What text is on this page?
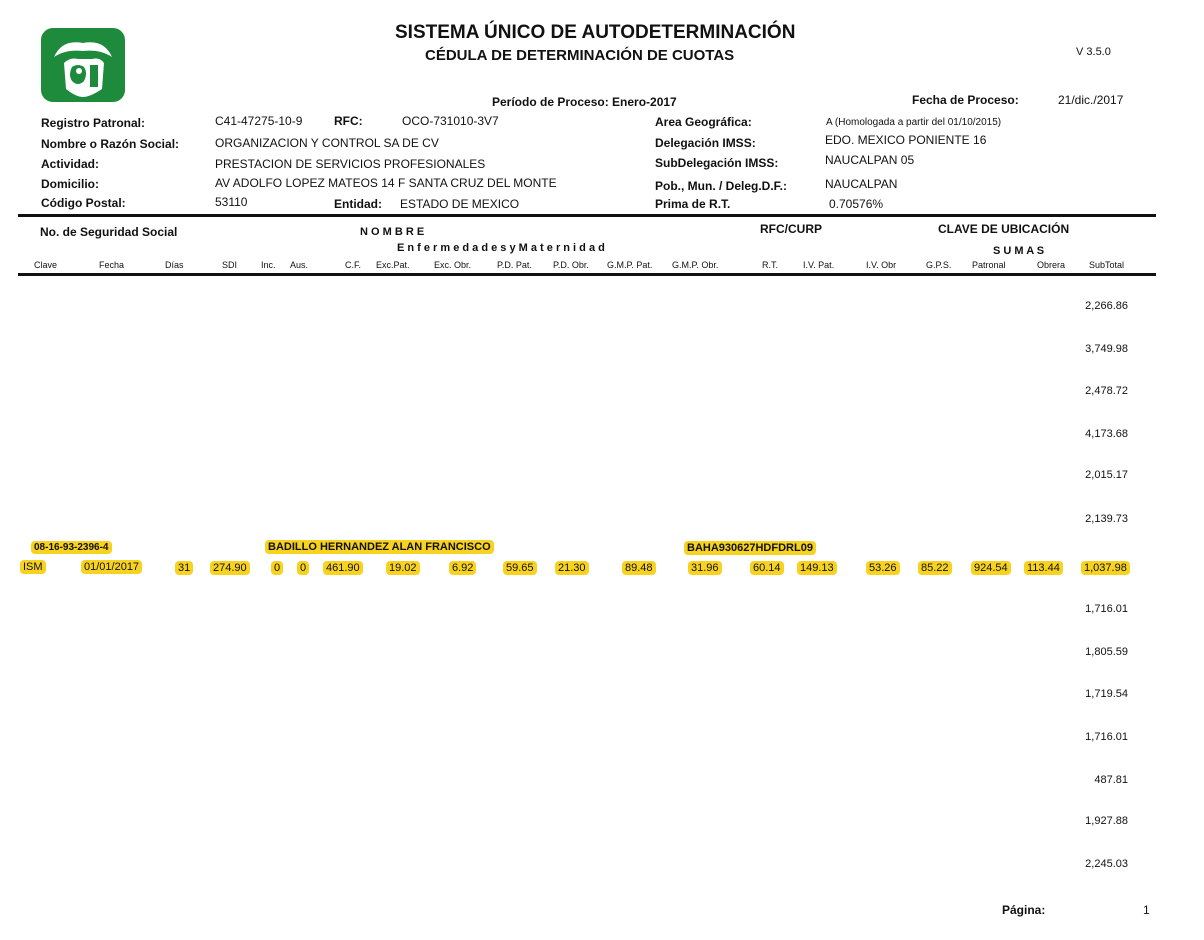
SISTEMA ÚNICO DE AUTODETERMINACIÓN
CÉDULA DE DETERMINACIÓN DE CUOTAS	V 3.5.0
Período de Proceso: Enero-2017	Fecha de Proceso:	21/dic./2017
Registro Patronal:	C41-47275-10-9	RFC:	OCO-731010-3V7
Nombre o Razón Social:	ORGANIZACION Y CONTROL SA DE CV
Actividad:	PRESTACION DE SERVICIOS PROFESIONALES
Domicilio:	AV ADOLFO LOPEZ MATEOS 14 F SANTA CRUZ DEL MONTE
Código Postal:	53110	Entidad: ESTADO DE MEXICO
Area Geográfica:	A (Homologada a partir del 01/10/2015)
Delegación IMSS:	EDO. MEXICO PONIENTE 16
SubDelegación IMSS:	NAUCALPAN 05
Pob., Mun. / Deleg.D.F.:	NAUCALPAN
Prima de R.T.	0.70576%
No. de Seguridad Social	N O M B R E	RFC/CURP	CLAVE DE UBICACIÓN
E n f e r m e d a d e s y M a t e r n i d a d	S U M A S
Clave	Fecha	Días	SDI	Inc. Aus.	C.F. Exc.Pat.	Exc. Obr.	P.D. Pat. P.D. Obr. G.M.P. Pat. G.M.P. Obr.	R.T.	I.V. Pat.	I.V. Obr	G.P.S. Patronal	Obrera	SubTotal
2,266.86
3,749.98
2,478.72
4,173.68
2,015.17
2,139.73
08-16-93-2396-4	BADILLO HERNANDEZ ALAN FRANCISCO	BAHA930627HDFDRL09
ISM	01/01/2017	31 274.90 0 0 461.90	19.02	6.92	59.65 21.30	89.48	31.96	60.14 149.13	53.26 85.22 924.54 113.44 1,037.98
1,716.01
1,805.59
1,719.54
1,716.01
487.81
1,927.88
2,245.03
Página:	1
